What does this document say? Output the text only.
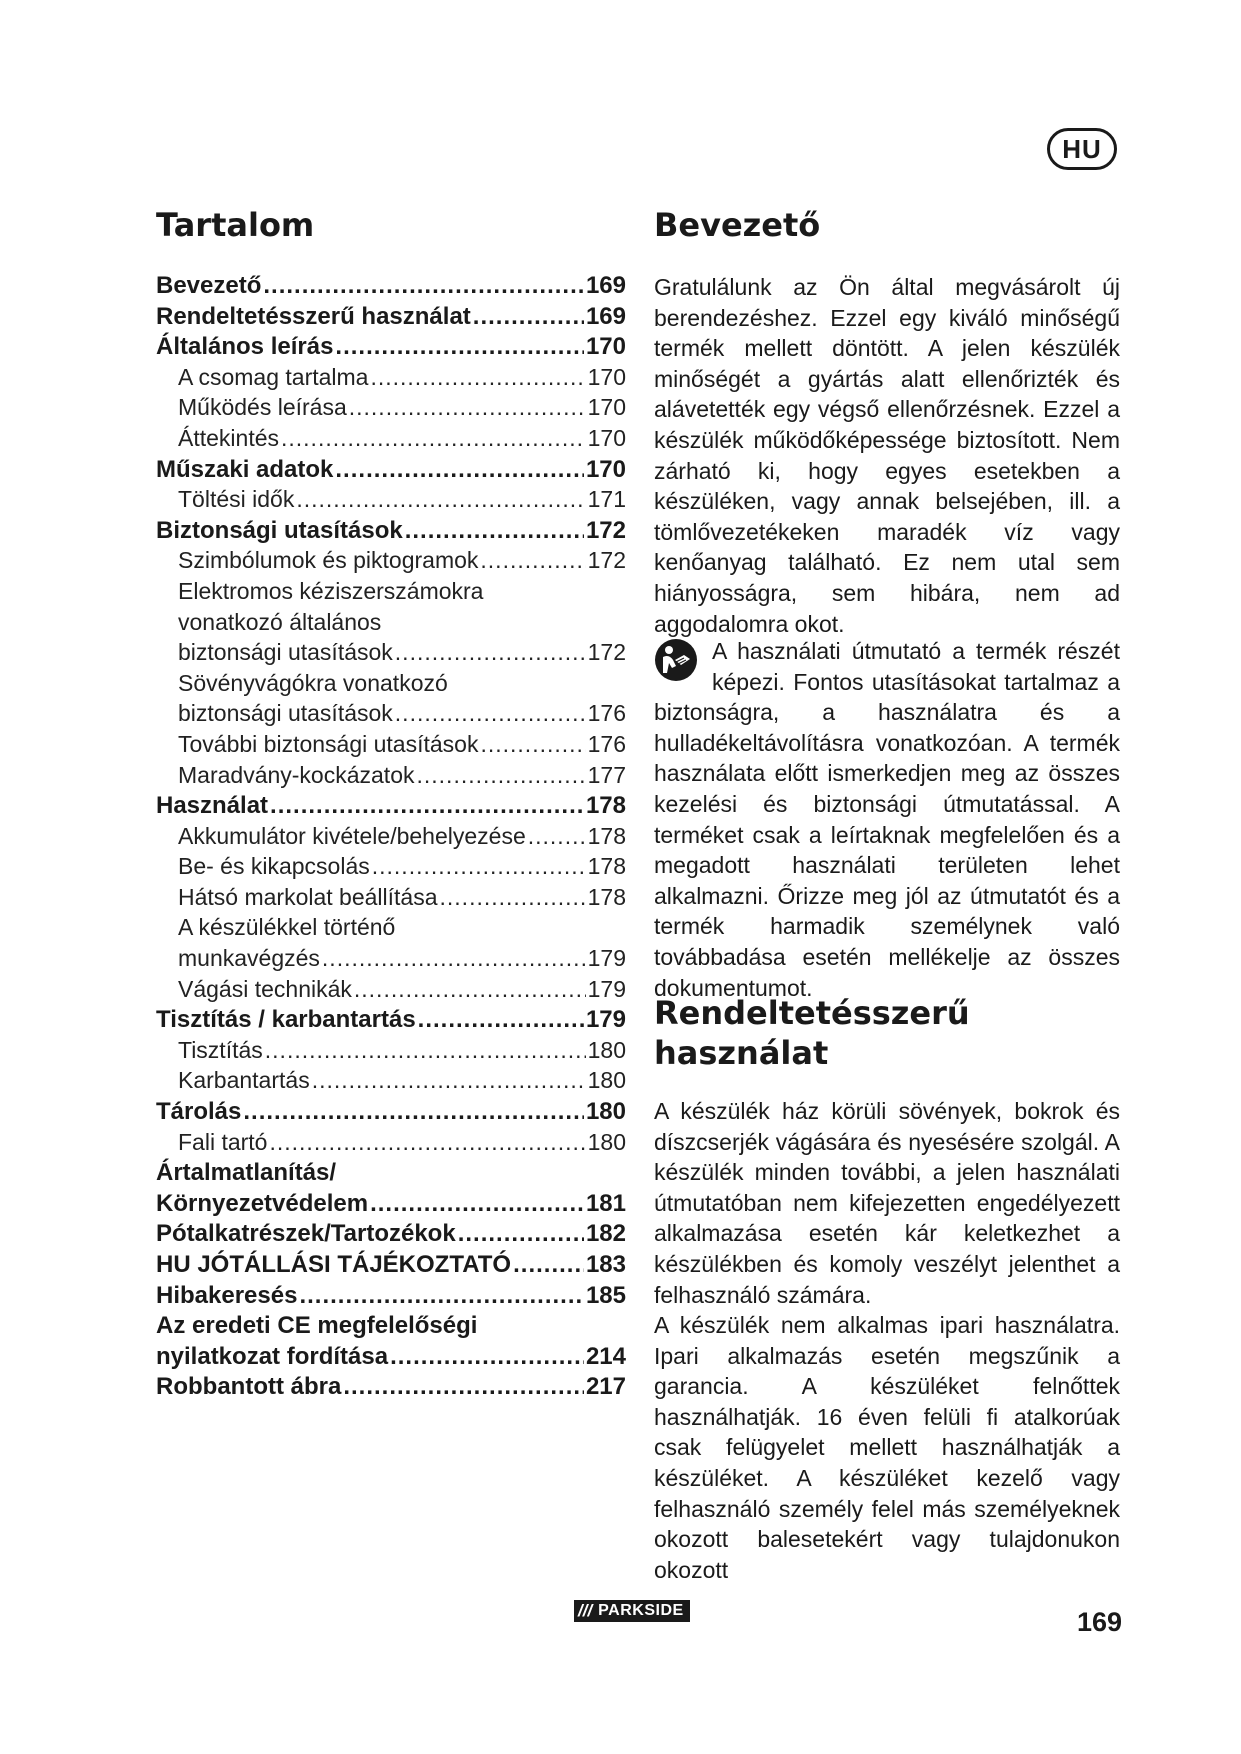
HU
Tartalom
Bevezető .....	169
Rendeltetésszerű használat .....	169
Általános leírás .....	170
A csomag tartalma .....	170
Működés leírása .....	170
Áttekintés .....	170
Műszaki adatok .....	170
Töltési idők .....	171
Biztonsági utasítások .....	172
Szimbólumok és piktogramok .....	172
Elektromos kéziszerszámokra
vonatkozó általános
biztonsági utasítások .....	172
Sövényvágókra vonatkozó
biztonsági utasítások .....	176
További biztonsági utasítások .....	176
Maradvány-kockázatok .....	177
Használat .....	178
Akkumulátor kivétele/behelyezése .....	178
Be- és kikapcsolás .....	178
Hátsó markolat beállítása .....	178
A készülékkel történő
munkavégzés .....	179
Vágási technikák .....	179
Tisztítás / karbantartás .....	179
Tisztítás .....	180
Karbantartás .....	180
Tárolás .....	180
Fali tartó .....	180
Ártalmatlanítás/
Környezetvédelem .....	181
Pótalkatrészek/Tartozékok .....	182
HU JÓTÁLLÁSI TÁJÉKOZTATÓ .....	183
Hibakeresés .....	185
Az eredeti CE megfelelőségi
nyilatkozat fordítása .....	214
Robbantott ábra .....	217
Bevezető

Gratulálunk az Ön által megvásárolt új berendezéshez. Ezzel egy kiváló minőségű termék mellett döntött. A jelen készülék minőségét a gyártás alatt ellenőrizték és alávetették egy végső ellenőrzésnek. Ezzel a készülék működőképessége biztosított. Nem zárható ki, hogy egyes esetekben a készüléken, vagy annak belsejében, ill. a tömlővezetékeken maradék víz vagy kenőanyag található. Ez nem utal sem hiányosságra, sem hibára, nem ad aggodalomra okot.

A használati útmutató a termék részét képezi. Fontos utasításokat tartalmaz a biztonságra, a használatra és a hulladékeltávolításra vonatkozóan. A termék használata előtt ismerkedjen meg az összes kezelési és biztonsági útmutatással. A terméket csak a leírtaknak megfelelően és a megadott használati területen lehet alkalmazni. Őrizze meg jól az útmutatót és a termék harmadik személynek való továbbadása esetén mellékelje az összes dokumentumot.

Rendeltetésszerű használat

A készülék ház körüli sövények, bokrok és díszcserjék vágására és nyesésére szolgál. A készülék minden további, a jelen használati útmutatóban nem kifejezetten engedélyezett alkalmazása esetén kár keletkezhet a készülékben és komoly veszélyt jelenthet a felhasználó számára.

A készülék nem alkalmas ipari használatra. Ipari alkalmazás esetén megszűnik a garancia. A készüléket felnőttek használhatják. 16 éven felüli fi atalkorúak csak felügyelet mellett használhatják a készüléket. A készüléket kezelő vagy felhasználó személy felel más személyeknek okozott balesetekért vagy tulajdonukon okozott

/// PARKSIDE	169
